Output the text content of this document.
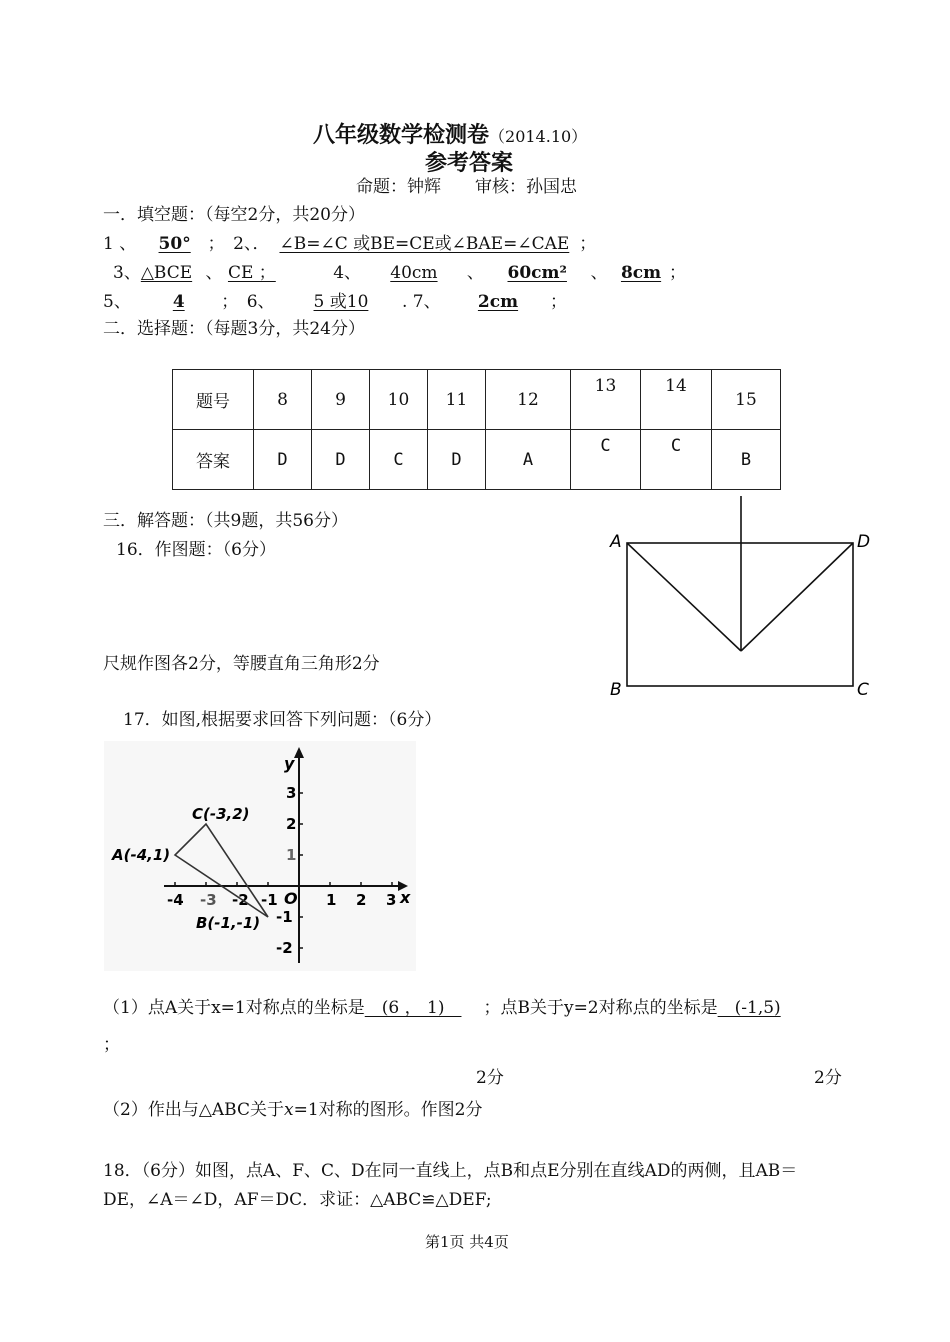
八年级数学检测卷（2014.10）
参考答案
命题：钟辉　　审核：孙国忠
一．填空题：（每空2分，共20分）
1 、 50° ；　2、． ∠B=∠C 或BE=CE或∠BAE=∠CAE ；
3、△BCE 、 CE ；	4、 40cm 、 60cm² 、 8cm ；
5、 4 ；　6、 5 或10 . 7、 2cm ；
二．选择题：（每题3分，共24分）
题号	8	9	10	11	12	13	14	15
答案	D	D	C	D	A	C	C	B
三．解答题：（共9题，共56分）
16．作图题：（6分）
尺规作图各2分，等腰直角三角形2分
A	D
B	C
17．如图,根据要求回答下列问题：（6分）
x
y
O
-4 -3 -2 -1	1 2 3
3
2
1
-1
-2
A(-4,1)
B(-1,-1)
C(-3,2)
（1）点A关于x=1对称点的坐标是　(6 ， 1)　；点B关于y=2对称点的坐标是　(-1,5)
；
2分	2分
（2）作出与△ABC关于x=1对称的图形。作图2分
18．（6分）如图，点A、F、C、D在同一直线上，点B和点E分别在直线AD的两侧，且AB＝
DE，∠A＝∠D，AF＝DC．求证：△ABC≌△DEF;
第1页 共4页
